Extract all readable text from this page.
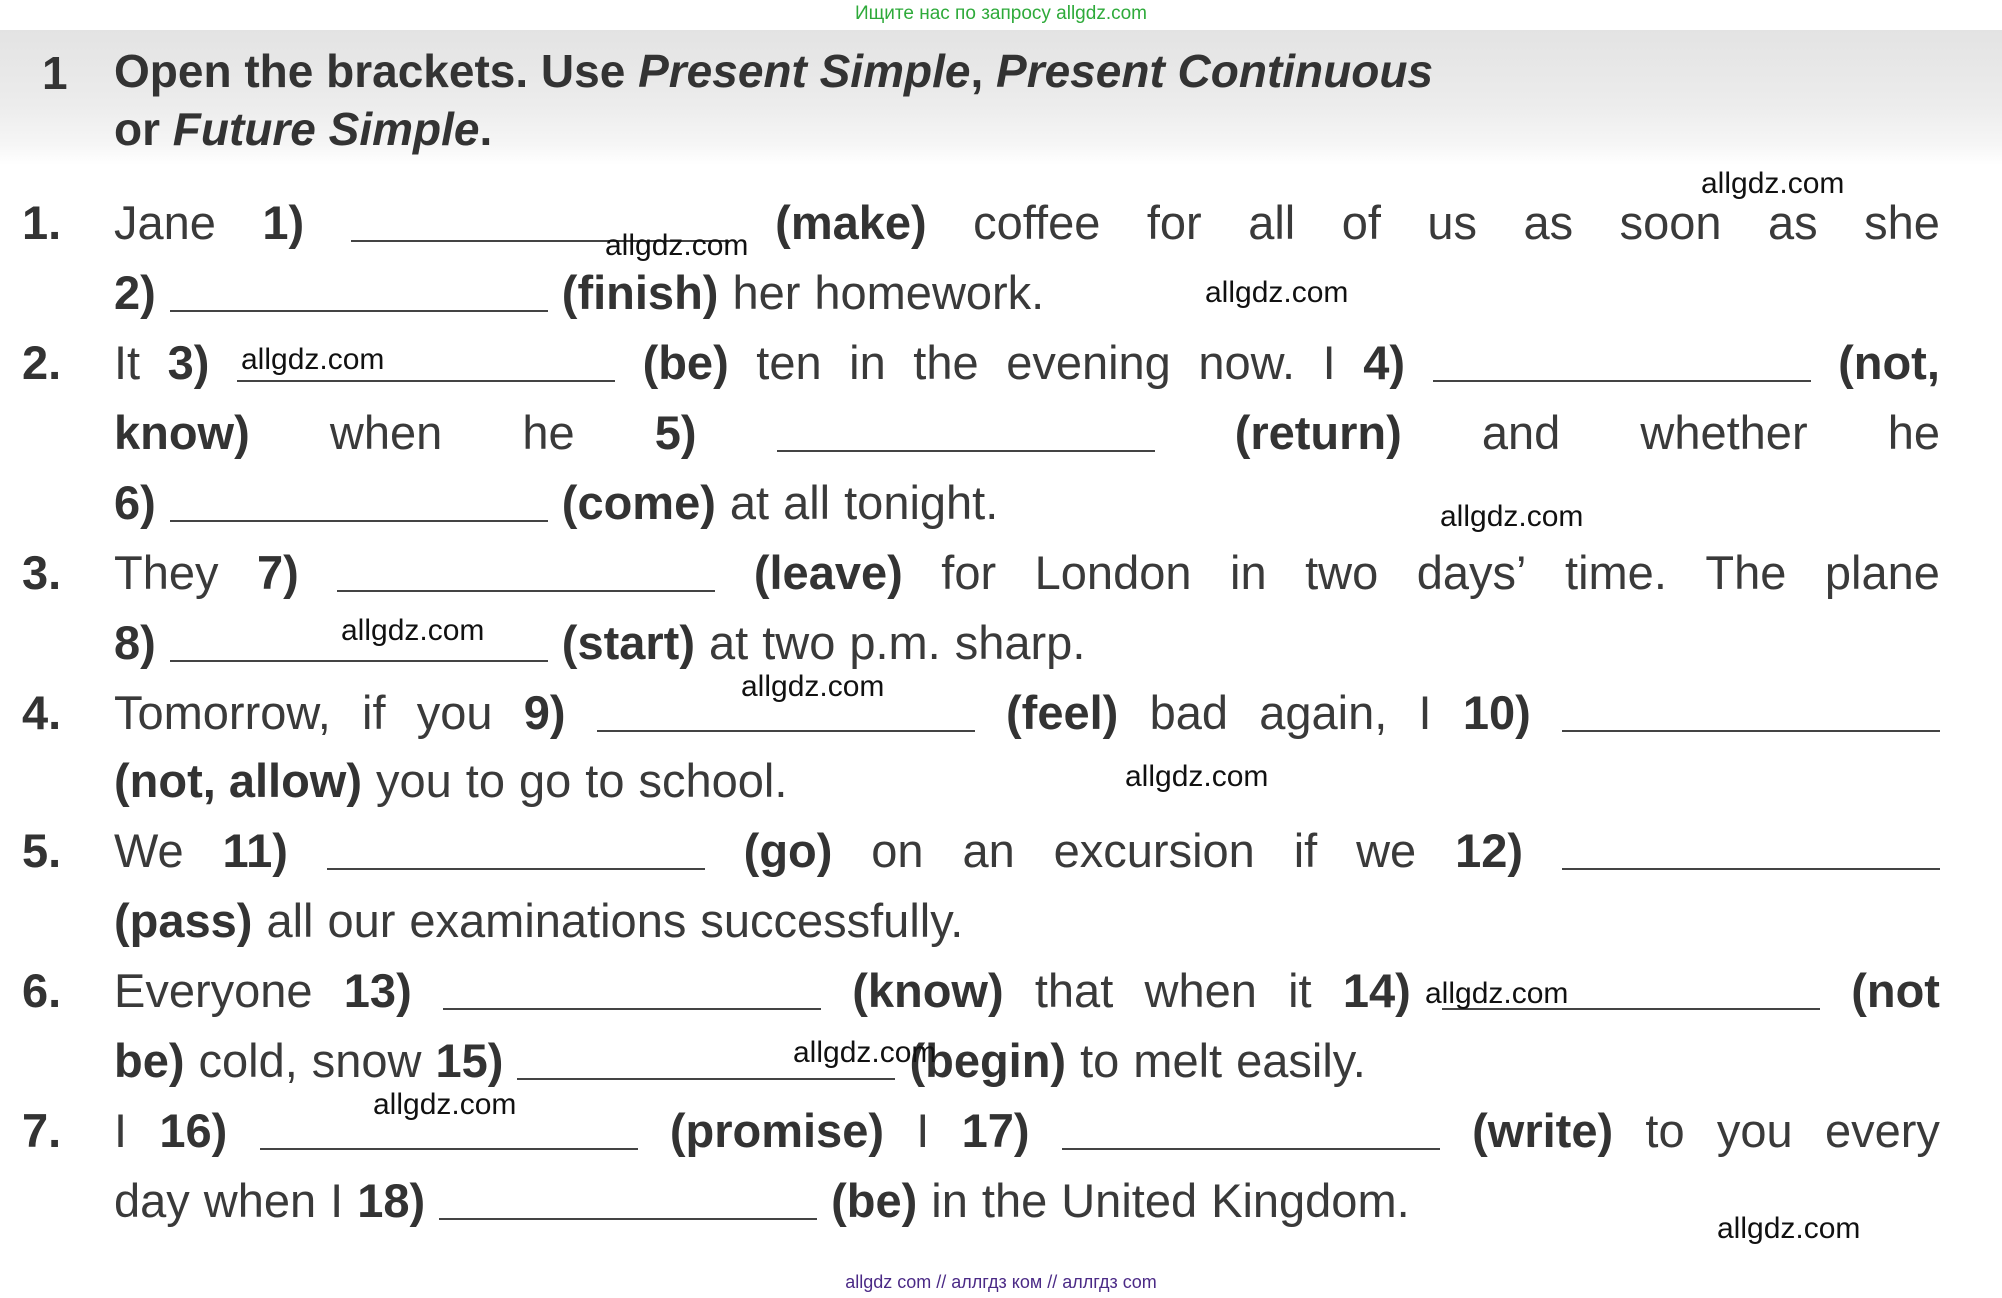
Ищите нас по запросу allgdz.com
1 Open the brackets. Use Present Simple, Present Continuous
or Future Simple.
1.	Jane 1)	(make) coffee for all of us as soon as she
2)	(finish) her homework.
2.	It 3)	(be) ten in the evening now. I 4)	(not,
know) when he 5)	(return) and whether he
6)	(come) at all tonight.
3.	They 7)	(leave) for London in two days’ time. The plane
8)	(start) at two p.m. sharp.
4.	Tomorrow, if you 9)	(feel) bad again, I 10)
(not, allow) you to go to school.
5.	We 11)	(go) on an excursion if we 12)
(pass) all our examinations successfully.
6.	Everyone 13)	(know) that when it 14)	(not
be) cold, snow 15)	(begin) to melt easily.
7.	I 16)	(promise) I 17)	(write) to you every
day when I 18)	(be) in the United Kingdom.
allgdz.com
allgdz.com
allgdz.com
allgdz.com
allgdz.com
allgdz.com
allgdz.com
allgdz.com
allgdz.com
allgdz.com
allgdz.com
allgdz.com
allgdz com // аллгдз ком // аллгдз com
